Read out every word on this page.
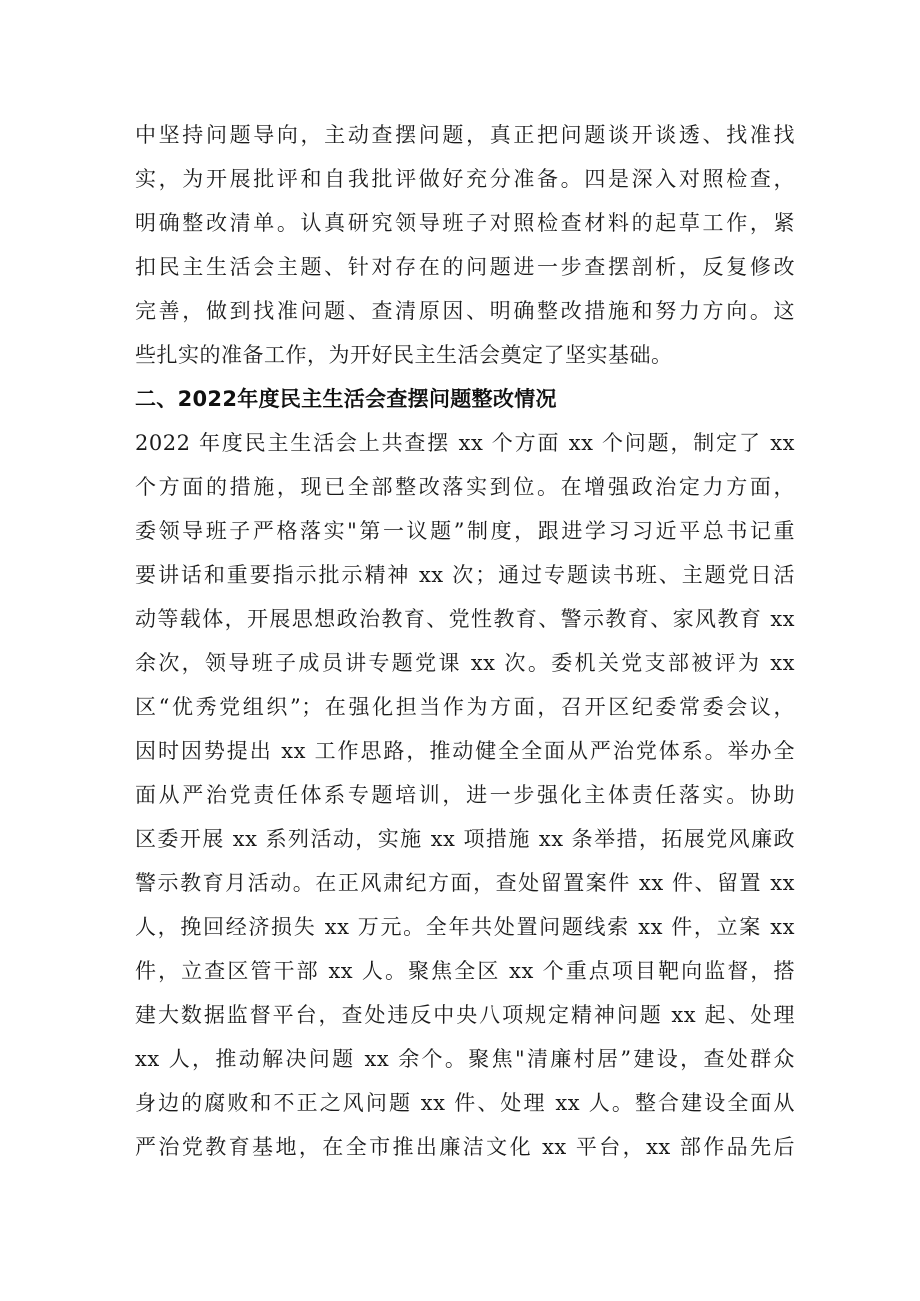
中坚持问题导向，主动查摆问题，真正把问题谈开谈透、找准找
实，为开展批评和自我批评做好充分准备。四是深入对照检查，
明确整改清单。认真研究领导班子对照检查材料的起草工作，紧
扣民主生活会主题、针对存在的问题进一步查摆剖析，反复修改
完善，做到找准问题、查清原因、明确整改措施和努力方向。这
些扎实的准备工作，为开好民主生活会奠定了坚实基础。
二、2022年度民主生活会查摆问题整改情况
2022 年度民主生活会上共查摆 xx 个方面 xx 个问题，制定了 xx
个方面的措施，现已全部整改落实到位。在增强政治定力方面，
委领导班子严格落实"第一议题”制度，跟进学习习近平总书记重
要讲话和重要指示批示精神 xx 次；通过专题读书班、主题党日活
动等载体，开展思想政治教育、党性教育、警示教育、家风教育 xx
余次，领导班子成员讲专题党课 xx 次。委机关党支部被评为 xx
区“优秀党组织”；在强化担当作为方面，召开区纪委常委会议，
因时因势提出 xx 工作思路，推动健全全面从严治党体系。举办全
面从严治党责任体系专题培训，进一步强化主体责任落实。协助
区委开展 xx 系列活动，实施 xx 项措施 xx 条举措，拓展党风廉政
警示教育月活动。在正风肃纪方面，查处留置案件 xx 件、留置 xx
人，挽回经济损失 xx 万元。全年共处置问题线索 xx 件，立案 xx
件，立查区管干部 xx 人。聚焦全区 xx 个重点项目靶向监督，搭
建大数据监督平台，查处违反中央八项规定精神问题 xx 起、处理
xx 人，推动解决问题 xx 余个。聚焦"清廉村居”建设，查处群众
身边的腐败和不正之风问题 xx 件、处理 xx 人。整合建设全面从
严治党教育基地，在全市推出廉洁文化 xx 平台，xx 部作品先后
